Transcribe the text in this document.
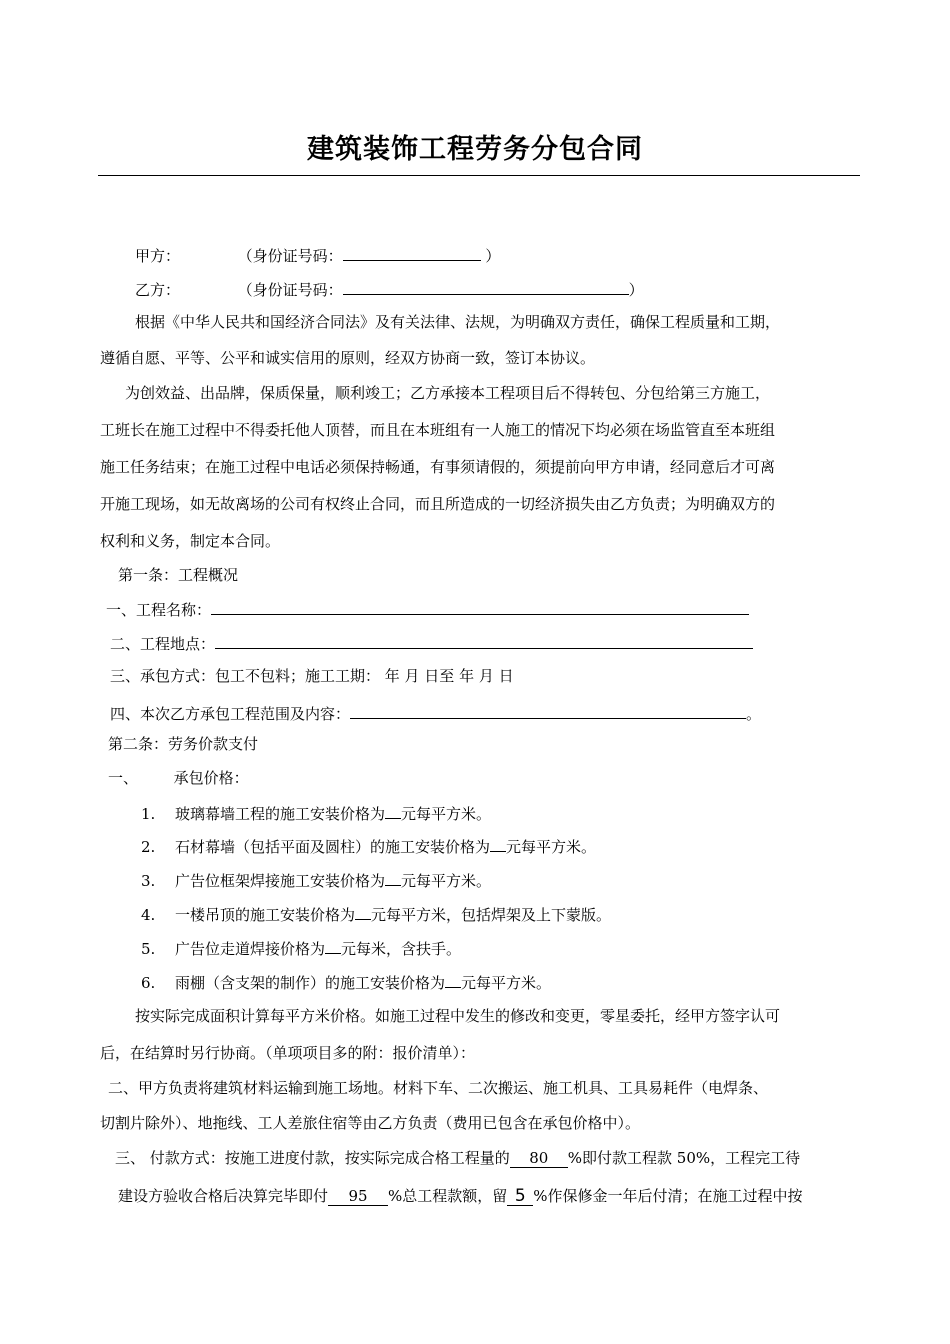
建筑装饰工程劳务分包合同
甲方：	（身份证号码：	）
乙方：	（身份证号码：	）
根据《中华人民共和国经济合同法》及有关法律、法规，为明确双方责任，确保工程质量和工期，
遵循自愿、平等、公平和诚实信用的原则，经双方协商一致，签订本协议。
为创效益、出品牌，保质保量，顺利竣工；乙方承接本工程项目后不得转包、分包给第三方施工，
工班长在施工过程中不得委托他人顶替，而且在本班组有一人施工的情况下均必须在场监管直至本班组
施工任务结束；在施工过程中电话必须保持畅通，有事须请假的，须提前向甲方申请，经同意后才可离
开施工现场，如无故离场的公司有权终止合同，而且所造成的一切经济损失由乙方负责；为明确双方的
权利和义务，制定本合同。
第一条：工程概况
一、工程名称：
二、工程地点：
三、承包方式：包工不包料；施工工期： 年 月 日至 年 月 日
四、本次乙方承包工程范围及内容：	。
第二条：劳务价款支付
一、 承包价格：
1. 玻璃幕墙工程的施工安装价格为 元每平方米。
2. 石材幕墙（包括平面及圆柱）的施工安装价格为 元每平方米。
3. 广告位框架焊接施工安装价格为 元每平方米。
4. 一楼吊顶的施工安装价格为 元每平方米，包括焊架及上下蒙版。
5. 广告位走道焊接价格为 元每米，含扶手。
6. 雨棚（含支架的制作）的施工安装价格为 元每平方米。
按实际完成面积计算每平方米价格。如施工过程中发生的修改和变更，零星委托，经甲方签字认可
后，在结算时另行协商。（单项项目多的附：报价清单）：
二、甲方负责将建筑材料运输到施工场地。材料下车、二次搬运、施工机具、工具易耗件（电焊条、
切割片除外）、地拖线、工人差旅住宿等由乙方负责（费用已包含在承包价格中）。
三、 付款方式：按施工进度付款，按实际完成合格工程量的 80 %即付款工程款 50%，工程完工待
建设方验收合格后决算完毕即付 95 %总工程款额，留 5 %作保修金一年后付清；在施工过程中按
